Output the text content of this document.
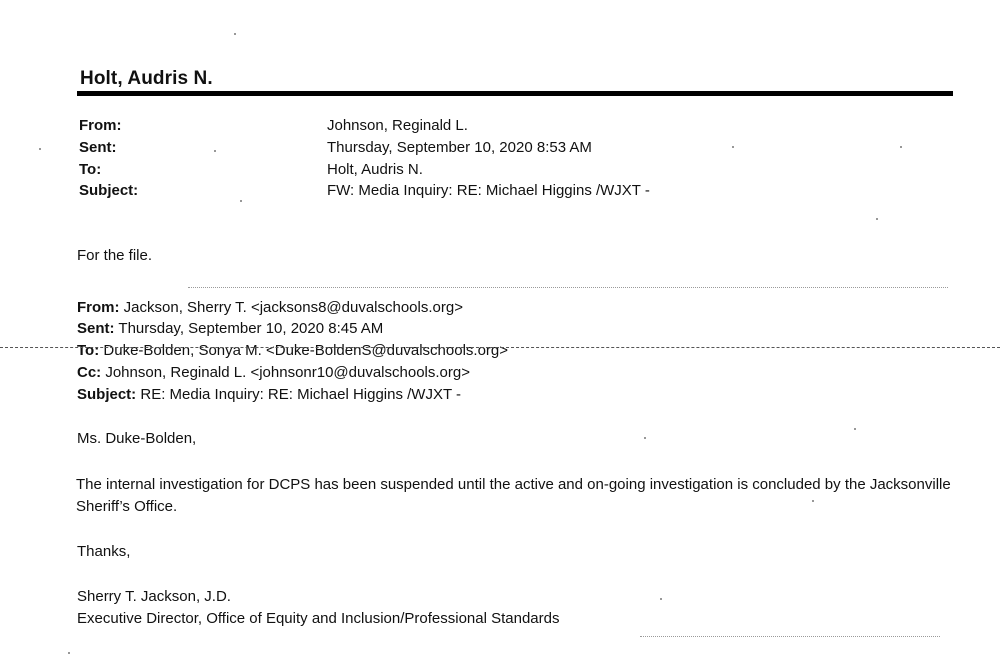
Holt, Audris N.
From:	Johnson, Reginald L.
Sent:	Thursday, September 10, 2020 8:53 AM
To:	Holt, Audris N.
Subject:	FW: Media Inquiry: RE: Michael Higgins /WJXT -
For the file.
From: Jackson, Sherry T. <jacksons8@duvalschools.org>
Sent: Thursday, September 10, 2020 8:45 AM
To: Duke-Bolden, Sonya M. <Duke-BoldenS@duvalschools.org>
Cc: Johnson, Reginald L. <johnsonr10@duvalschools.org>
Subject: RE: Media Inquiry: RE: Michael Higgins /WJXT -
Ms. Duke-Bolden,
The internal investigation for DCPS has been suspended until the active and on-going investigation is concluded by the Jacksonville Sheriff’s Office.
Thanks,
Sherry T. Jackson, J.D.
Executive Director, Office of Equity and Inclusion/Professional Standards
